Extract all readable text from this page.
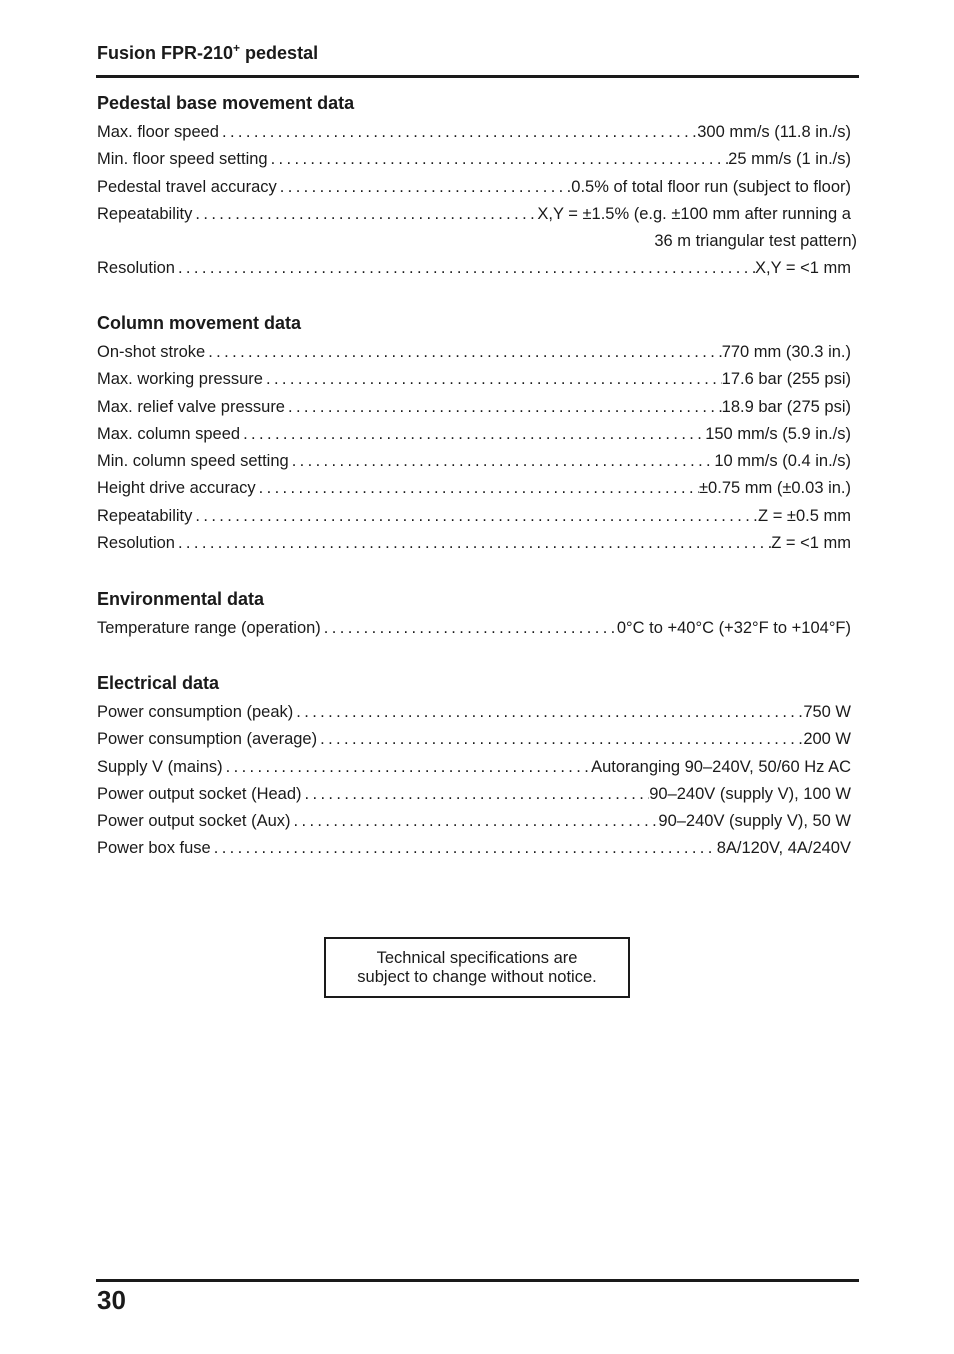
Fusion FPR-210+ pedestal
Pedestal base movement data
Max. floor speed . . .	300 mm/s (11.8 in./s)
Min. floor speed setting . . .	25 mm/s (1 in./s)
Pedestal travel accuracy . . .	0.5% of total floor run (subject to floor)
Repeatability . . .	X,Y = ±1.5% (e.g. ±100 mm after running a
36 m triangular test pattern)
Resolution . . .	X,Y = <1 mm
Column movement data
On-shot stroke . . .	770 mm (30.3 in.)
Max. working pressure . . .	17.6 bar (255 psi)
Max. relief valve pressure . . .	18.9 bar (275 psi)
Max. column speed . . .	150 mm/s (5.9 in./s)
Min. column speed setting . . .	10 mm/s (0.4 in./s)
Height drive accuracy . . .	±0.75 mm (±0.03 in.)
Repeatability . . .	Z = ±0.5 mm
Resolution . . .	Z = <1 mm
Environmental data
Temperature range (operation) . . .	0°C to +40°C (+32°F to +104°F)
Electrical data
Power consumption (peak) . . .	750 W
Power consumption (average) . . .	200 W
Supply V (mains) . . .	Autoranging 90–240V, 50/60 Hz AC
Power output socket (Head) . . .	90–240V (supply V), 100 W
Power output socket (Aux) . . .	90–240V (supply V), 50 W
Power box fuse . . .	8A/120V, 4A/240V
Technical specifications are
subject to change without notice.
30
